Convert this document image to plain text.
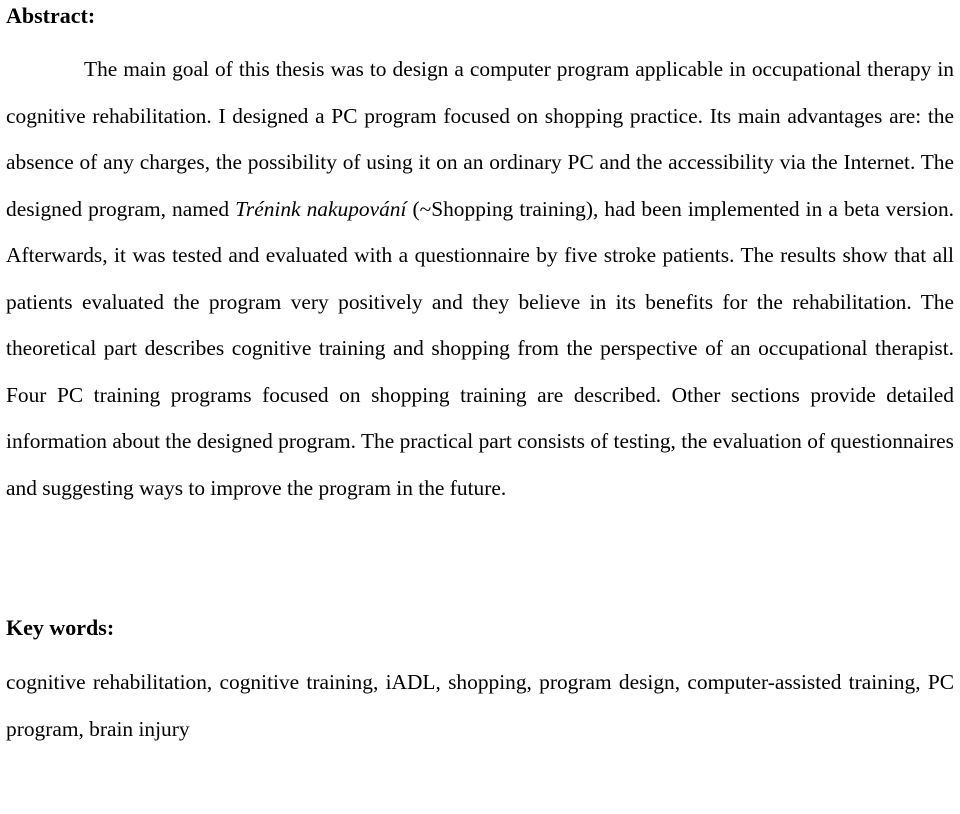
Abstract:

The main goal of this thesis was to design a computer program applicable in occupational therapy in cognitive rehabilitation. I designed a PC program focused on shopping practice. Its main advantages are: the absence of any charges, the possibility of using it on an ordinary PC and the accessibility via the Internet. The designed program, named Trénink nakupování (~Shopping training), had been implemented in a beta version. Afterwards, it was tested and evaluated with a questionnaire by five stroke patients. The results show that all patients evaluated the program very positively and they believe in its benefits for the rehabilitation. The theoretical part describes cognitive training and shopping from the perspective of an occupational therapist. Four PC training programs focused on shopping training are described. Other sections provide detailed information about the designed program. The practical part consists of testing, the evaluation of questionnaires and suggesting ways to improve the program in the future.

Key words:

cognitive rehabilitation, cognitive training, iADL, shopping, program design, computer-assisted training, PC program, brain injury
